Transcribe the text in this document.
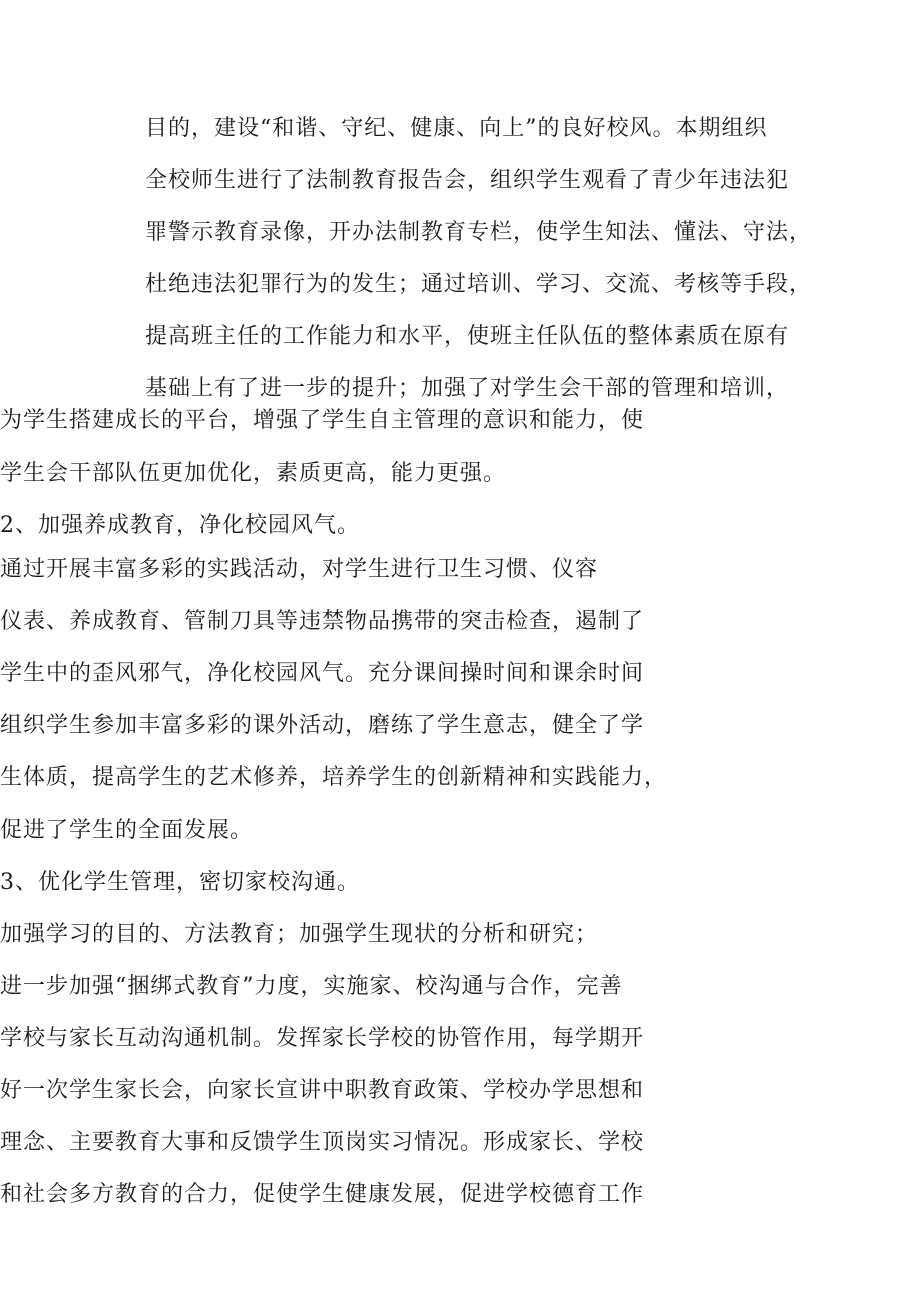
目的，建设“和谐、守纪、健康、向上”的良好校风。本期组织
全校师生进行了法制教育报告会，组织学生观看了青少年违法犯
罪警示教育录像，开办法制教育专栏，使学生知法、懂法、守法，
杜绝违法犯罪行为的发生；通过培训、学习、交流、考核等手段，
提高班主任的工作能力和水平，使班主任队伍的整体素质在原有
基础上有了进一步的提升；加强了对学生会干部的管理和培训，
为学生搭建成长的平台，增强了学生自主管理的意识和能力，使
学生会干部队伍更加优化，素质更高，能力更强。
2、加强养成教育，净化校园风气。
通过开展丰富多彩的实践活动，对学生进行卫生习惯、仪容
仪表、养成教育、管制刀具等违禁物品携带的突击检查，遏制了
学生中的歪风邪气，净化校园风气。充分课间操时间和课余时间
组织学生参加丰富多彩的课外活动，磨练了学生意志，健全了学
生体质，提高学生的艺术修养，培养学生的创新精神和实践能力，
促进了学生的全面发展。
3、优化学生管理，密切家校沟通。
加强学习的目的、方法教育；加强学生现状的分析和研究；
进一步加强“捆绑式教育”力度，实施家、校沟通与合作，完善
学校与家长互动沟通机制。发挥家长学校的协管作用，每学期开
好一次学生家长会，向家长宣讲中职教育政策、学校办学思想和
理念、主要教育大事和反馈学生顶岗实习情况。形成家长、学校
和社会多方教育的合力，促使学生健康发展，促进学校德育工作
